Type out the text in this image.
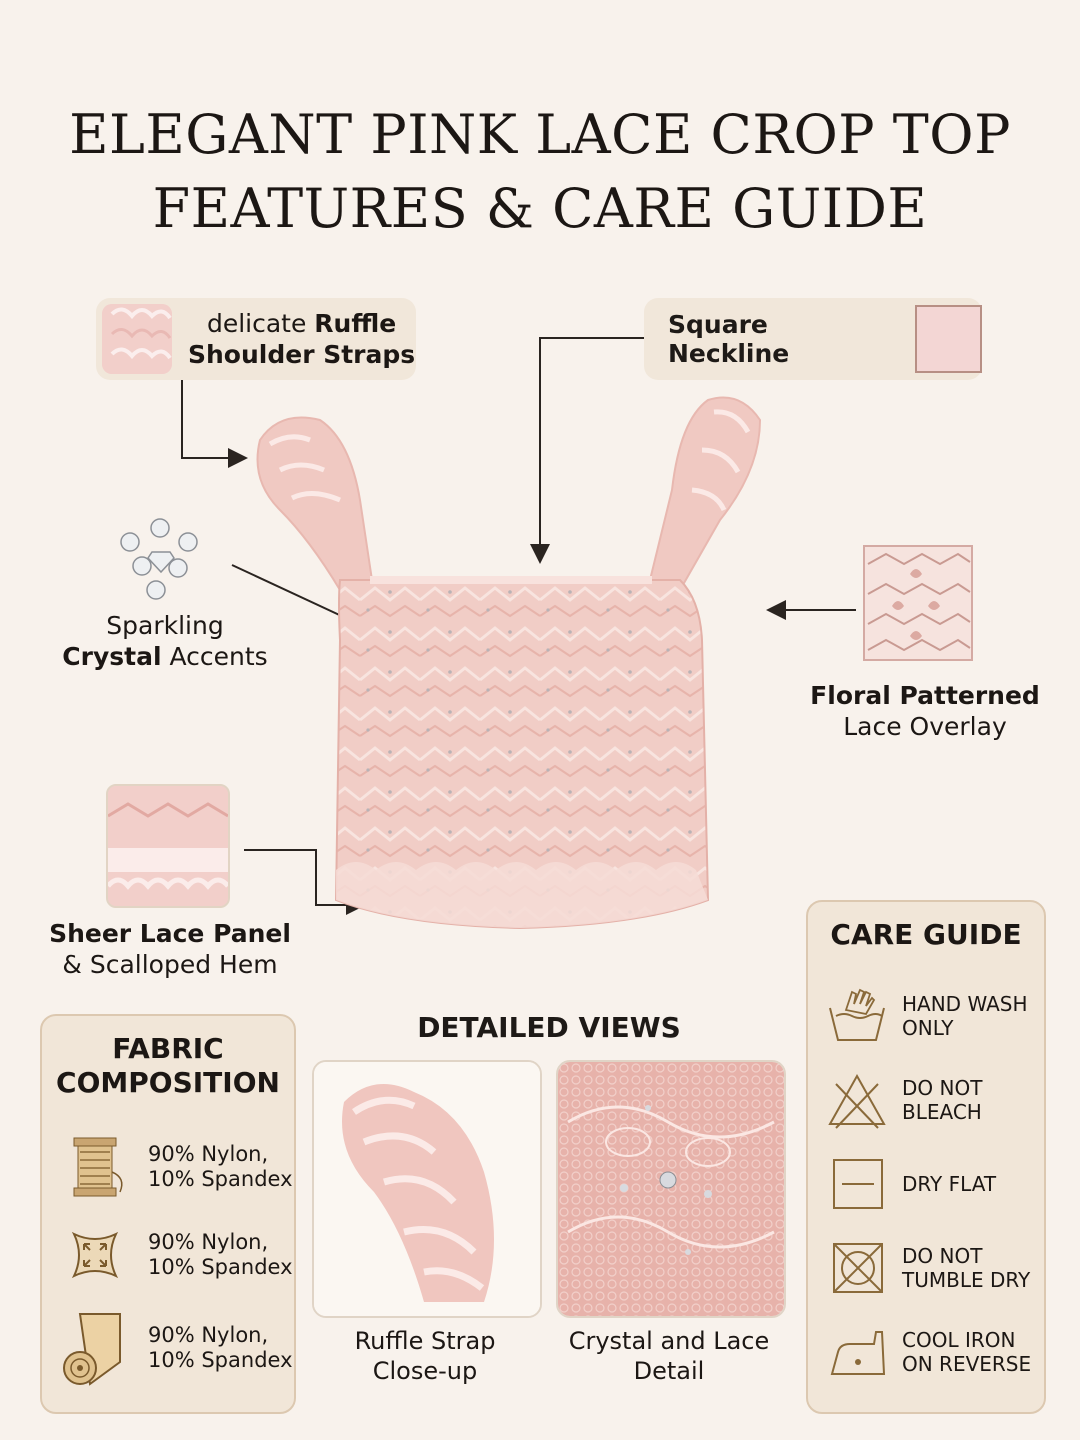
ELEGANT PINK LACE CROP TOP
FEATURES & CARE GUIDE
delicate Ruffle
Shoulder Straps
Square Neckline
Sparkling
Crystal Accents
Floral Patterned
Lace Overlay
Sheer Lace Panel
& Scalloped Hem
FABRIC
COMPOSITION
90% Nylon,
10% Spandex
90% Nylon,
10% Spandex
90% Nylon,
10% Spandex
DETAILED VIEWS
Ruffle Strap
Close-up
Crystal and Lace
Detail
CARE GUIDE
HAND WASH
ONLY
DO NOT
BLEACH
DRY FLAT
DO NOT
TUMBLE DRY
COOL IRON
ON REVERSE
